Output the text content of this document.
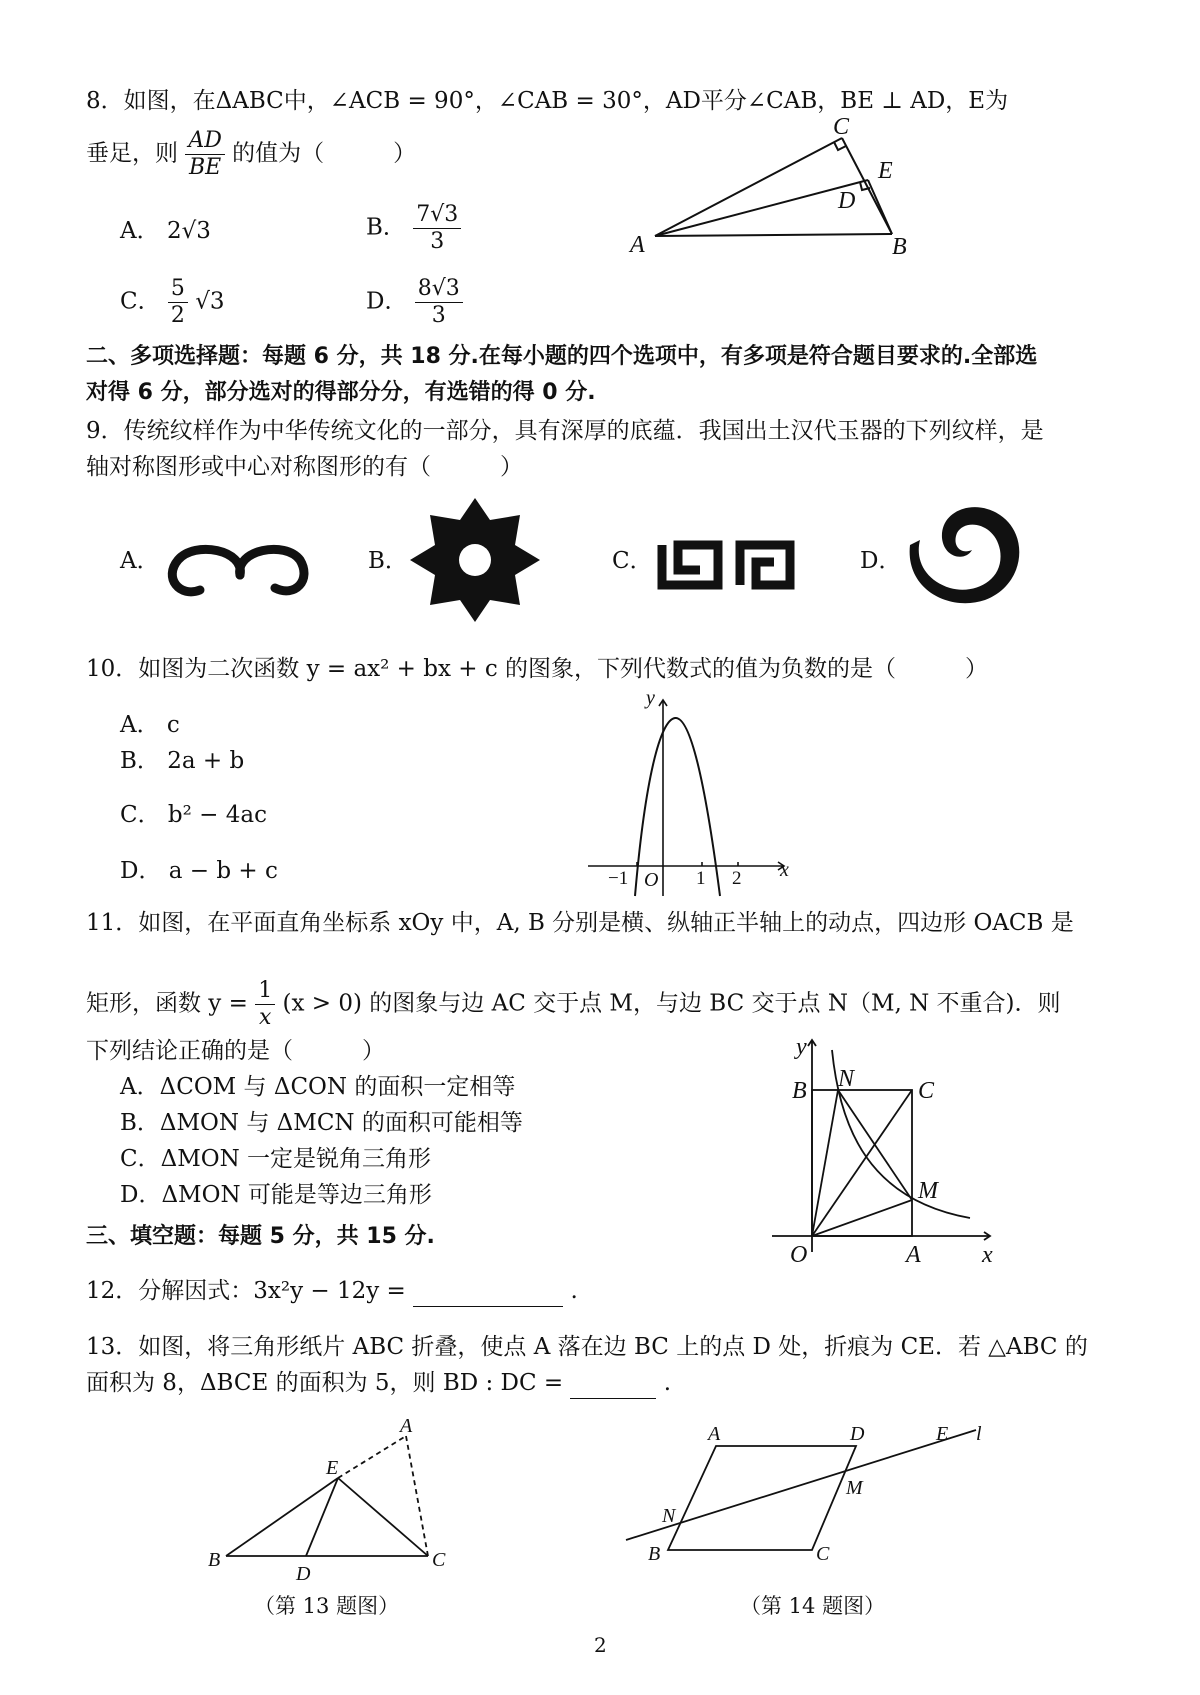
8．如图，在ΔABC中，∠ACB = 90°，∠CAB = 30°，AD平分∠CAB，BE ⊥ AD，E为
垂足，则 $\frac{AD}{BE}$ 的值为（　　　）
A． 2√3	B． $\frac{7√3}{3}$
C． $\frac{5}{2} √3$	D． $\frac{8√3}{3}$
A	B
C
D
E
二、多项选择题：每题 6 分，共 18 分.在每小题的四个选项中，有多项是符合题目要求的.全部选
对得 6 分，部分选对的得部分分，有选错的得 0 分.
9．传统纹样作为中华传统文化的一部分，具有深厚的底蕴．我国出土汉代玉器的下列纹样，是
轴对称图形或中心对称图形的有（　　　）
A．	B．	C．	D．
10．如图为二次函数 y = ax² + bx + c 的图象，下列代数式的值为负数的是（　　　）
A． c
B． 2a + b
C． b² − 4ac
D． a − b + c
y
x
O
−1	1 2
11．如图，在平面直角坐标系 xOy 中，A, B 分别是横、纵轴正半轴上的动点，四边形 OACB 是
矩形，函数 $y = \frac{1}{x} (x > 0)$ 的图象与边 AC 交于点 M，与边 BC 交于点 N（M, N 不重合)．则
下列结论正确的是（　　　）
A．ΔCOM 与 ΔCON 的面积一定相等
B．ΔMON 与 ΔMCN 的面积可能相等
C．ΔMON 一定是锐角三角形
D．ΔMON 可能是等边三角形
y
x
O	A
B	C
M
N
三、填空题：每题 5 分，共 15 分.
12．分解因式：3x²y − 12y =	.
13．如图，将三角形纸片 ABC 折叠，使点 A 落在边 BC 上的点 D 处，折痕为 CE．若 △ABC 的
面积为 8，ΔBCE 的面积为 5，则 BD : DC =	.
B	C
D
E
A
（第 13 题图）
A	D	E l
M
N
B	C
（第 14 题图）
2
